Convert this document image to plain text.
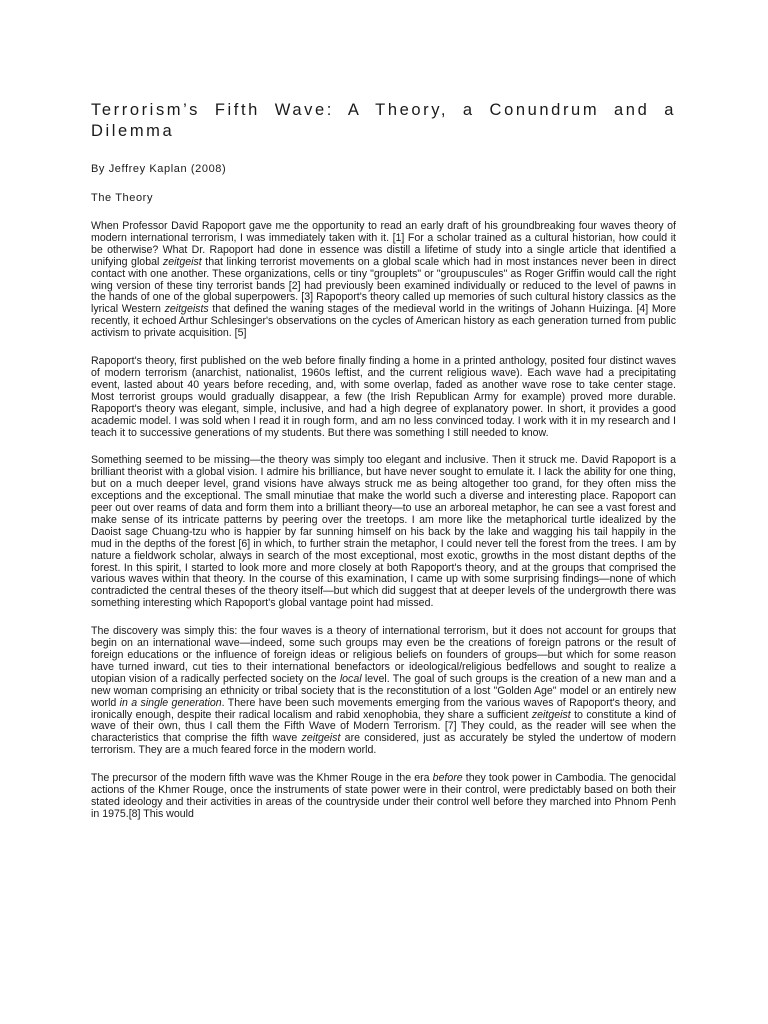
Terrorism’s Fifth Wave: A Theory, a Conundrum and a Dilemma
By Jeffrey Kaplan (2008)
The Theory

When Professor David Rapoport gave me the opportunity to read an early draft of his groundbreaking four waves theory of modern international terrorism, I was immediately taken with it. [1] For a scholar trained as a cultural historian, how could it be otherwise? What Dr. Rapoport had done in essence was distill a lifetime of study into a single article that identified a unifying global zeitgeist that linking terrorist movements on a global scale which had in most instances never been in direct contact with one another. These organizations, cells or tiny "grouplets" or "groupuscules" as Roger Griffin would call the right wing version of these tiny terrorist bands [2] had previously been examined individually or reduced to the level of pawns in the hands of one of the global superpowers. [3] Rapoport's theory called up memories of such cultural history classics as the lyrical Western zeitgeists that defined the waning stages of the medieval world in the writings of Johann Huizinga. [4] More recently, it echoed Arthur Schlesinger's observations on the cycles of American history as each generation turned from public activism to private acquisition. [5]

Rapoport's theory, first published on the web before finally finding a home in a printed anthology, posited four distinct waves of modern terrorism (anarchist, nationalist, 1960s leftist, and the current religious wave). Each wave had a precipitating event, lasted about 40 years before receding, and, with some overlap, faded as another wave rose to take center stage. Most terrorist groups would gradually disappear, a few (the Irish Republican Army for example) proved more durable. Rapoport's theory was elegant, simple, inclusive, and had a high degree of explanatory power. In short, it provides a good academic model. I was sold when I read it in rough form, and am no less convinced today. I work with it in my research and I teach it to successive generations of my students. But there was something I still needed to know.

Something seemed to be missing—the theory was simply too elegant and inclusive. Then it struck me. David Rapoport is a brilliant theorist with a global vision. I admire his brilliance, but have never sought to emulate it. I lack the ability for one thing, but on a much deeper level, grand visions have always struck me as being altogether too grand, for they often miss the exceptions and the exceptional. The small minutiae that make the world such a diverse and interesting place. Rapoport can peer out over reams of data and form them into a brilliant theory—to use an arboreal metaphor, he can see a vast forest and make sense of its intricate patterns by peering over the treetops. I am more like the metaphorical turtle idealized by the Daoist sage Chuang-tzu who is happier by far sunning himself on his back by the lake and wagging his tail happily in the mud in the depths of the forest [6] in which, to further strain the metaphor, I could never tell the forest from the trees. I am by nature a fieldwork scholar, always in search of the most exceptional, most exotic, growths in the most distant depths of the forest. In this spirit, I started to look more and more closely at both Rapoport's theory, and at the groups that comprised the various waves within that theory. In the course of this examination, I came up with some surprising findings—none of which contradicted the central theses of the theory itself—but which did suggest that at deeper levels of the undergrowth there was something interesting which Rapoport's global vantage point had missed.

The discovery was simply this: the four waves is a theory of international terrorism, but it does not account for groups that begin on an international wave—indeed, some such groups may even be the creations of foreign patrons or the result of foreign educations or the influence of foreign ideas or religious beliefs on founders of groups—but which for some reason have turned inward, cut ties to their international benefactors or ideological/religious bedfellows and sought to realize a utopian vision of a radically perfected society on the local level. The goal of such groups is the creation of a new man and a new woman comprising an ethnicity or tribal society that is the reconstitution of a lost "Golden Age" model or an entirely new world in a single generation. There have been such movements emerging from the various waves of Rapoport's theory, and ironically enough, despite their radical localism and rabid xenophobia, they share a sufficient zeitgeist to constitute a kind of wave of their own, thus I call them the Fifth Wave of Modern Terrorism. [7] They could, as the reader will see when the characteristics that comprise the fifth wave zeitgeist are considered, just as accurately be styled the undertow of modern terrorism. They are a much feared force in the modern world.

The precursor of the modern fifth wave was the Khmer Rouge in the era before they took power in Cambodia. The genocidal actions of the Khmer Rouge, once the instruments of state power were in their control, were predictably based on both their stated ideology and their activities in areas of the countryside under their control well before they marched into Phnom Penh in 1975.[8] This would
